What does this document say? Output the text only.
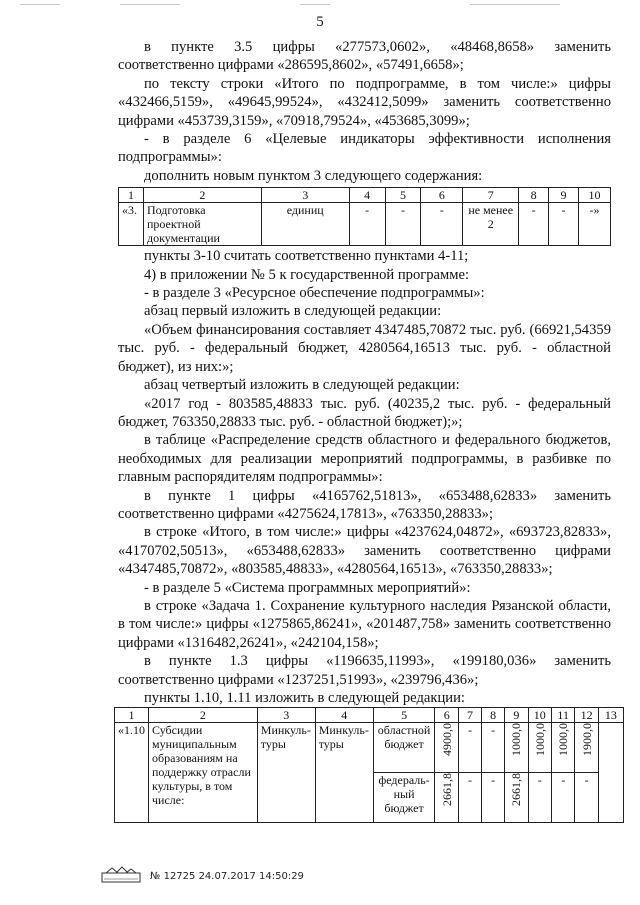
5

в пункте 3.5 цифры «277573,0602», «48468,8658» заменить соответственно цифрами «286595,8602», «57491,6658»;

по тексту строки «Итого по подпрограмме, в том числе:» цифры «432466,5159», «49645,99524», «432412,5099» заменить соответственно цифрами «453739,3159», «70918,79524», «453685,3099»;

- в разделе 6 «Целевые индикаторы эффективности исполнения подпрограммы»:

дополнить новым пунктом 3 следующего содержания:

1	2	3	4	5	6	7	8	9	10
«3.	Подготовка проектной документации	единиц	-	-	-	не менее 2	-	-	-»

пункты 3-10 считать соответственно пунктами 4-11;

4) в приложении № 5 к государственной программе:

- в разделе 3 «Ресурсное обеспечение подпрограммы»:

абзац первый изложить в следующей редакции:

«Объем финансирования составляет 4347485,70872 тыс. руб. (66921,54359 тыс. руб. - федеральный бюджет, 4280564,16513 тыс. руб. - областной бюджет), из них:»;

абзац четвертый изложить в следующей редакции:

«2017 год - 803585,48833 тыс. руб. (40235,2 тыс. руб. - федеральный бюджет, 763350,28833 тыс. руб. - областной бюджет);»;

в таблице «Распределение средств областного и федерального бюджетов, необходимых для реализации мероприятий подпрограммы, в разбивке по главным распорядителям подпрограммы»:

в пункте 1 цифры «4165762,51813», «653488,62833» заменить соответственно цифрами «4275624,17813», «763350,28833»;

в строке «Итого, в том числе:» цифры «4237624,04872», «693723,82833», «4170702,50513», «653488,62833» заменить соответственно цифрами «4347485,70872», «803585,48833», «4280564,16513», «763350,28833»;

- в разделе 5 «Система программных мероприятий»:

в строке «Задача 1. Сохранение культурного наследия Рязанской области, в том числе:» цифры «1275865,86241», «201487,758» заменить соответственно цифрами «1316482,26241», «242104,158»;

в пункте 1.3 цифры «1196635,11993», «199180,036» заменить соответственно цифрами «1237251,51993», «239796,436»;

пункты 1.10, 1.11 изложить в следующей редакции:

1	2	3	4	5	6	7	8	9	10	11	12	13
«1.10	Субсидии муниципальным образованиям на поддержку отрасли культуры, в том числе:	Минкуль-туры	Минкуль-туры	областной бюджет	4900,0	-	-	1000,0	1000,0	1000,0	1900,0	
				федераль-ный бюджет	2661,8	-	-	2661,8	-	-	-	
№ 12725 24.07.2017 14:50:29
